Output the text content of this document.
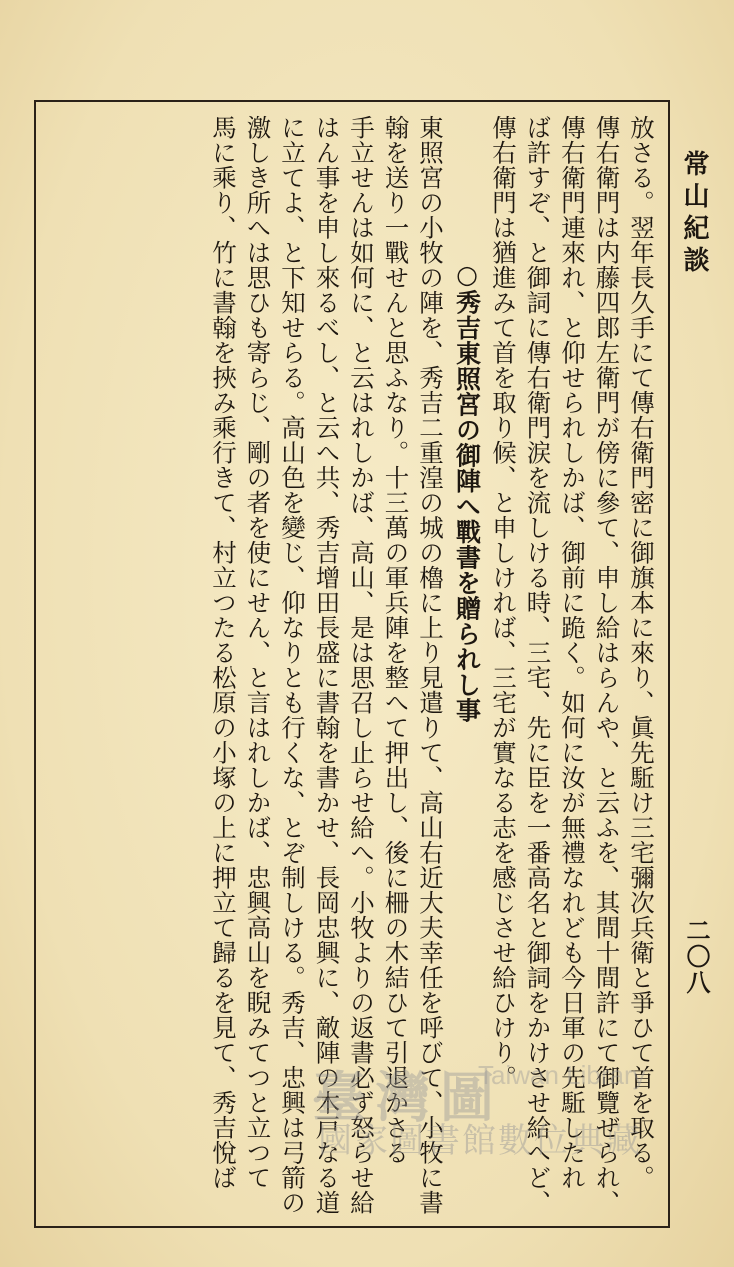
常山紀談
二〇八
放さる。翌年長久手にて傳右衛門密に御旗本に來り、眞先駈け三宅彌次兵衛と爭ひて首を取る。
傳右衛門は内藤四郎左衛門が傍に參て、申し給はらんや、と云ふを、其間十間許にて御覽ぜられ、
傳右衛門連來れ、と仰せられしかば、御前に跪く。如何に汝が無禮なれども今日軍の先駈したれ
ば許すぞ、と御詞に傳右衛門涙を流しける時、三宅、先に臣を一番高名と御詞をかけさせ給へど、
傳右衛門は猶進みて首を取り候、と申しければ、三宅が實なる志を感じさせ給ひけり。
○秀吉東照宮の御陣へ戰書を贈られし事
東照宮の小牧の陣を、秀吉二重湟の城の櫓に上り見遣りて、高山右近大夫幸任を呼びて、小牧に書
翰を送り一戰せんと思ふなり。十三萬の軍兵陣を整へて押出し、後に柵の木結ひて引退かさる
手立せんは如何に、と云はれしかば、高山、是は思召し止らせ給へ。小牧よりの返書必ず怒らせ給
はん事を申し來るべし、と云へ共、秀吉增田長盛に書翰を書かせ、長岡忠興に、敵陣の木戸なる道
に立てよ、と下知せらる。高山色を變じ、仰なりとも行くな、とぞ制しける。秀吉、忠興は弓箭の
激しき所へは思ひも寄らじ、剛の者を使にせん、と言はれしかば、忠興高山を睨みてつと立つて
馬に乘り、竹に書翰を挾み乘行きて、村立つたる松原の小塚の上に押立て歸るを見て、秀吉悅ば 臺灣圖
Taiwan Library
國家圖書館數位典藏
